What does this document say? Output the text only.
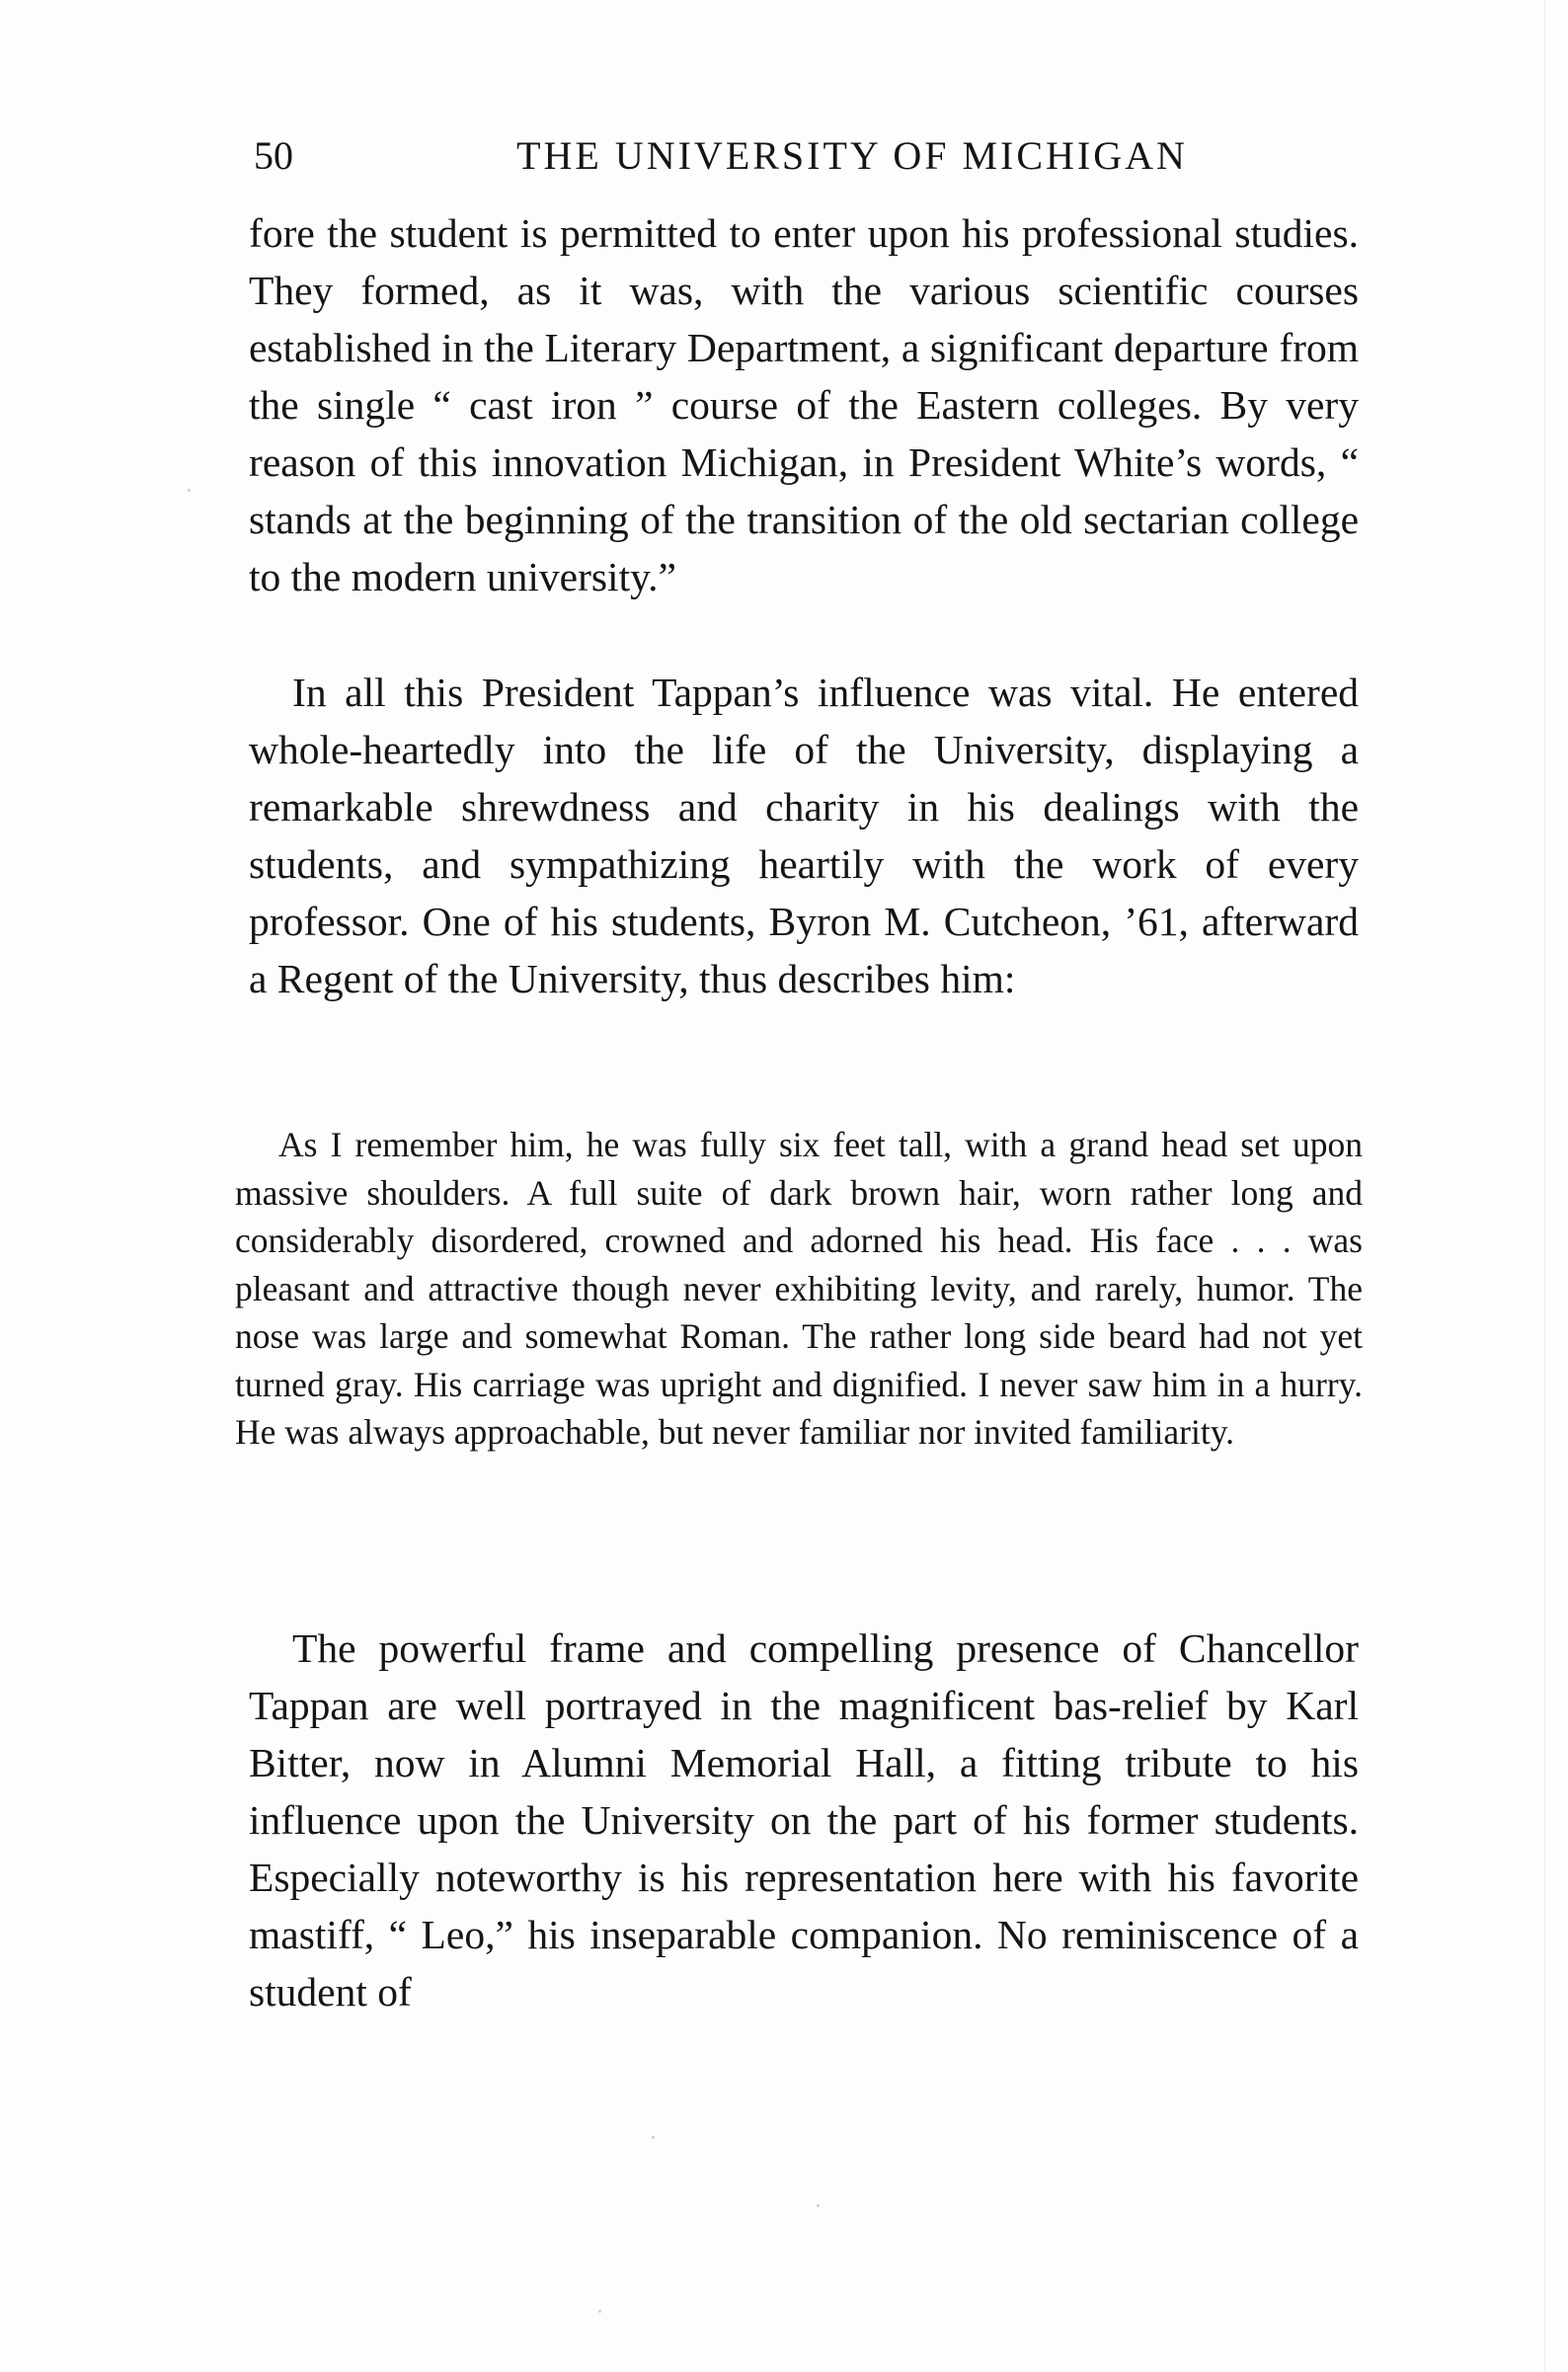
50	THE UNIVERSITY OF MICHIGAN

fore the student is permitted to enter upon his professional studies. They formed, as it was, with the various scientific courses established in the Literary Department, a significant departure from the single “ cast iron ” course of the Eastern colleges. By very reason of this innovation Michigan, in President White’s words, “ stands at the beginning of the transition of the old sectarian college to the modern university.”

In all this President Tappan’s influence was vital. He entered whole-heartedly into the life of the University, displaying a remarkable shrewdness and charity in his dealings with the students, and sympathizing heartily with the work of every professor. One of his students, Byron M. Cutcheon, ’61, afterward a Regent of the University, thus describes him:

As I remember him, he was fully six feet tall, with a grand head set upon massive shoulders. A full suite of dark brown hair, worn rather long and considerably disordered, crowned and adorned his head. His face . . . was pleasant and attractive though never exhibiting levity, and rarely, humor. The nose was large and somewhat Roman. The rather long side beard had not yet turned gray. His carriage was upright and dignified. I never saw him in a hurry. He was always approachable, but never familiar nor invited familiarity.

The powerful frame and compelling presence of Chancellor Tappan are well portrayed in the magnificent bas-relief by Karl Bitter, now in Alumni Memorial Hall, a fitting tribute to his influence upon the University on the part of his former students. Especially noteworthy is his representation here with his favorite mastiff, “ Leo,” his inseparable companion. No reminiscence of a student of
